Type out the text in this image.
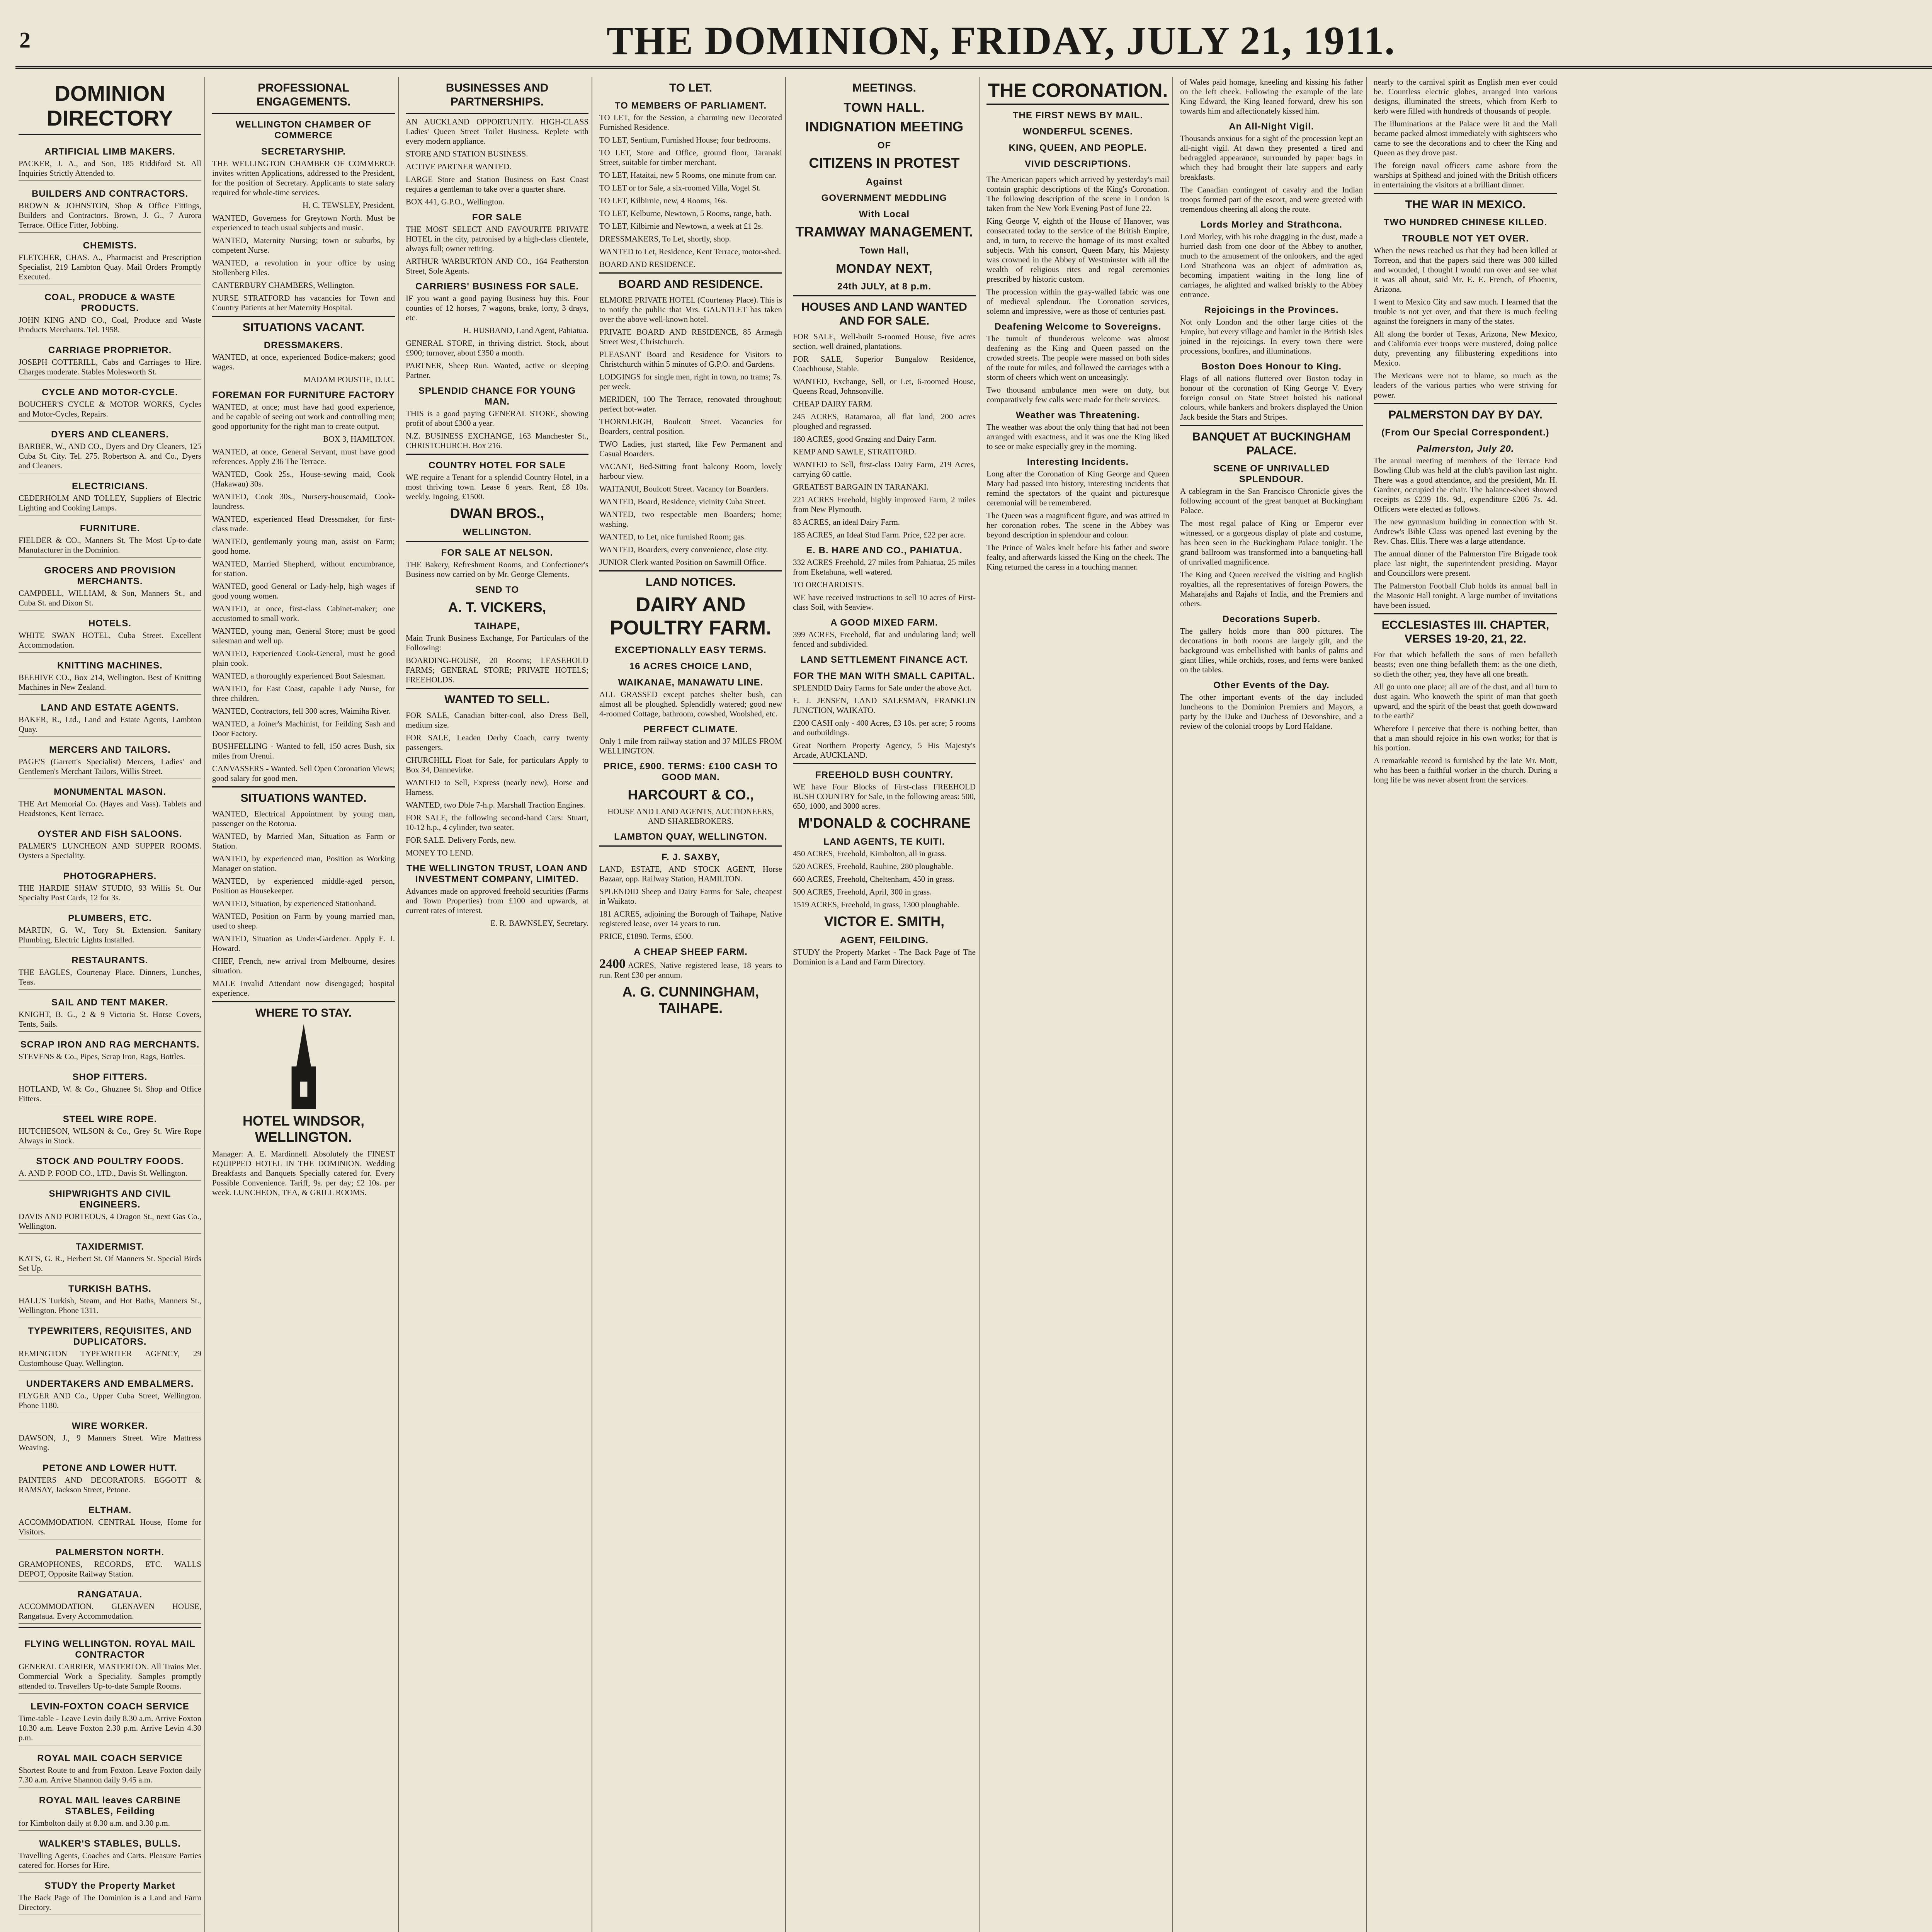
2	THE DOMINION, FRIDAY, JULY 21, 1911.
DOMINION DIRECTORY
ARTIFICIAL LIMB MAKERS.
PACKER, J. A., and Son, 185 Riddiford St. All Inquiries Strictly Attended to.
BUILDERS AND CONTRACTORS.
BROWN & JOHNSTON, Shop & Office Fittings, Builders and Contractors. Brown, J. G., 7 Aurora Terrace. Office Fitter, Jobbing.
CHEMISTS.
FLETCHER, CHAS. A., Pharmacist and Prescription Specialist, 219 Lambton Quay. Mail Orders Promptly Executed.
COAL, PRODUCE & WASTE PRODUCTS.
JOHN KING AND CO., Coal, Produce and Waste Products Merchants. Tel. 1958.
CARRIAGE PROPRIETOR.
JOSEPH COTTERILL, Cabs and Carriages to Hire. Charges moderate. Stables Molesworth St.
CYCLE AND MOTOR-CYCLE.
BOUCHER'S CYCLE & MOTOR WORKS, Cycles and Motor-Cycles, Repairs.
DYERS AND CLEANERS.
BARBER, W., AND CO., Dyers and Dry Cleaners, 125 Cuba St. City. Tel. 275. Robertson A. and Co., Dyers and Cleaners.
ELECTRICIANS.
CEDERHOLM AND TOLLEY, Suppliers of Electric Lighting and Cooking Lamps.
FURNITURE.
FIELDER & CO., Manners St. The Most Up-to-date Manufacturer in the Dominion.
GROCERS AND PROVISION MERCHANTS.
CAMPBELL, WILLIAM, & Son, Manners St., and Cuba St. and Dixon St.
HOTELS.
WHITE SWAN HOTEL, Cuba Street. Excellent Accommodation.
KNITTING MACHINES.
BEEHIVE CO., Box 214, Wellington. Best of Knitting Machines in New Zealand.
LAND AND ESTATE AGENTS.
BAKER, R., Ltd., Land and Estate Agents, Lambton Quay.
MERCERS AND TAILORS.
PAGE'S (Garrett's Specialist) Mercers, Ladies' and Gentlemen's Merchant Tailors, Willis Street.
MONUMENTAL MASON.
THE Art Memorial Co. (Hayes and Vass). Tablets and Headstones, Kent Terrace.
OYSTER AND FISH SALOONS.
PALMER'S LUNCHEON AND SUPPER ROOMS. Oysters a Speciality.
PHOTOGRAPHERS.
THE HARDIE SHAW STUDIO, 93 Willis St. Our Specialty Post Cards, 12 for 3s.
PLUMBERS, ETC.
MARTIN, G. W., Tory St. Extension. Sanitary Plumbing, Electric Lights Installed.
RESTAURANTS.
THE EAGLES, Courtenay Place. Dinners, Lunches, Teas.
SAIL AND TENT MAKER.
KNIGHT, B. G., 2 & 9 Victoria St. Horse Covers, Tents, Sails.
SCRAP IRON AND RAG MERCHANTS.
STEVENS & Co., Pipes, Scrap Iron, Rags, Bottles.
SHOP FITTERS.
HOTLAND, W. & Co., Ghuznee St. Shop and Office Fitters.
STEEL WIRE ROPE.
HUTCHESON, WILSON & Co., Grey St. Wire Rope Always in Stock.
STOCK AND POULTRY FOODS.
A. AND P. FOOD CO., LTD., Davis St. Wellington.
SHIPWRIGHTS AND CIVIL ENGINEERS.
DAVIS AND PORTEOUS, 4 Dragon St., next Gas Co., Wellington.
TAXIDERMIST.
KAT'S, G. R., Herbert St. Of Manners St. Special Birds Set Up.
TURKISH BATHS.
HALL'S Turkish, Steam, and Hot Baths, Manners St., Wellington. Phone 1311.
TYPEWRITERS, REQUISITES, AND DUPLICATORS.
REMINGTON TYPEWRITER AGENCY, 29 Customhouse Quay, Wellington.
UNDERTAKERS AND EMBALMERS.
FLYGER AND Co., Upper Cuba Street, Wellington. Phone 1180.
WIRE WORKER.
DAWSON, J., 9 Manners Street. Wire Mattress Weaving.
PETONE AND LOWER HUTT.
PAINTERS AND DECORATORS. EGGOTT & RAMSAY, Jackson Street, Petone.
ELTHAM.
ACCOMMODATION. CENTRAL House, Home for Visitors.
PALMERSTON NORTH.
GRAMOPHONES, RECORDS, ETC. WALLS DEPOT, Opposite Railway Station.
RANGATAUA.
ACCOMMODATION. GLENAVEN HOUSE, Rangataua. Every Accommodation.
FLYING WELLINGTON. ROYAL MAIL CONTRACTOR
GENERAL CARRIER, MASTERTON. All Trains Met. Commercial Work a Speciality. Samples promptly attended to. Travellers Up-to-date Sample Rooms.
LEVIN-FOXTON COACH SERVICE
Time-table - Leave Levin daily 8.30 a.m. Arrive Foxton 10.30 a.m. Leave Foxton 2.30 p.m. Arrive Levin 4.30 p.m.
ROYAL MAIL COACH SERVICE
Shortest Route to and from Foxton. Leave Foxton daily 7.30 a.m. Arrive Shannon daily 9.45 a.m.
ROYAL MAIL leaves CARBINE STABLES, Feilding
for Kimbolton daily at 8.30 a.m. and 3.30 p.m.
WALKER'S STABLES, BULLS.
Travelling Agents, Coaches and Carts. Pleasure Parties catered for. Horses for Hire.
STUDY the Property Market
The Back Page of The Dominion is a Land and Farm Directory.
PROFESSIONAL ENGAGEMENTS.
WELLINGTON CHAMBER OF COMMERCE
SECRETARYSHIP.

THE WELLINGTON CHAMBER OF COMMERCE invites written Applications, addressed to the President, for the position of Secretary. Applicants to state salary required for whole-time services.

H. C. TEWSLEY, President.

WANTED, Governess for Greytown North. Must be experienced to teach usual subjects and music.

WANTED, Maternity Nursing; town or suburbs, by competent Nurse.

WANTED, a revolution in your office by using Stollenberg Files.

CANTERBURY CHAMBERS, Wellington.

NURSE STRATFORD has vacancies for Town and Country Patients at her Maternity Hospital.

SITUATIONS VACANT.
DRESSMAKERS.

WANTED, at once, experienced Bodice-makers; good wages.

MADAM POUSTIE, D.I.C.

FOREMAN FOR FURNITURE FACTORY

WANTED, at once; must have had good experience, and be capable of seeing out work and controlling men; good opportunity for the right man to create output.

BOX 3, HAMILTON.

WANTED, at once, General Servant, must have good references. Apply 236 The Terrace.

WANTED, Cook 25s., House-sewing maid, Cook (Hakawau) 30s.

WANTED, Cook 30s., Nursery-housemaid, Cook-laundress.

WANTED, experienced Head Dressmaker, for first-class trade.

WANTED, gentlemanly young man, assist on Farm; good home.

WANTED, Married Shepherd, without encumbrance, for station.

WANTED, good General or Lady-help, high wages if good young women.

WANTED, at once, first-class Cabinet-maker; one accustomed to small work.

WANTED, young man, General Store; must be good salesman and well up.

WANTED, Experienced Cook-General, must be good plain cook.

WANTED, a thoroughly experienced Boot Salesman.

WANTED, for East Coast, capable Lady Nurse, for three children.

WANTED, Contractors, fell 300 acres, Waimiha River.

WANTED, a Joiner's Machinist, for Feilding Sash and Door Factory.

BUSHFELLING - Wanted to fell, 150 acres Bush, six miles from Urenui.

CANVASSERS - Wanted. Sell Open Coronation Views; good salary for good men.

SITUATIONS WANTED.

WANTED, Electrical Appointment by young man, passenger on the Rotorua.

WANTED, by Married Man, Situation as Farm or Station.

WANTED, by experienced man, Position as Working Manager on station.

WANTED, by experienced middle-aged person, Position as Housekeeper.

WANTED, Situation, by experienced Stationhand.

WANTED, Position on Farm by young married man, used to sheep.

WANTED, Situation as Under-Gardener. Apply E. J. Howard.

CHEF, French, new arrival from Melbourne, desires situation.

MALE Invalid Attendant now disengaged; hospital experience.

WHERE TO STAY.
HOTEL WINDSOR, WELLINGTON.

Manager: A. E. Mardinnell. Absolutely the FINEST EQUIPPED HOTEL IN THE DOMINION. Wedding Breakfasts and Banquets Specially catered for. Every Possible Convenience. Tariff, 9s. per day; £2 10s. per week. LUNCHEON, TEA, & GRILL ROOMS.

BUSINESSES AND PARTNERSHIPS.

AN AUCKLAND OPPORTUNITY. HIGH-CLASS Ladies' Queen Street Toilet Business. Replete with every modern appliance.

STORE AND STATION BUSINESS.

ACTIVE PARTNER WANTED.

LARGE Store and Station Business on East Coast requires a gentleman to take over a quarter share.

BOX 441, G.P.O., Wellington.

FOR SALE

THE MOST SELECT AND FAVOURITE PRIVATE HOTEL in the city, patronised by a high-class clientele, always full; owner retiring.

ARTHUR WARBURTON AND CO., 164 Featherston Street, Sole Agents.

CARRIERS' BUSINESS FOR SALE.

IF you want a good paying Business buy this. Four counties of 12 horses, 7 wagons, brake, lorry, 3 drays, etc.

H. HUSBAND, Land Agent, Pahiatua.

GENERAL STORE, in thriving district. Stock, about £900; turnover, about £350 a month.

PARTNER, Sheep Run. Wanted, active or sleeping Partner.

SPLENDID CHANCE FOR YOUNG MAN.

THIS is a good paying GENERAL STORE, showing profit of about £300 a year.

N.Z. BUSINESS EXCHANGE, 163 Manchester St., CHRISTCHURCH. Box 216.

COUNTRY HOTEL FOR SALE

WE require a Tenant for a splendid Country Hotel, in a most thriving town. Lease 6 years. Rent, £8 10s. weekly. Ingoing, £1500.

DWAN BROS.,
WELLINGTON.
FOR SALE AT NELSON.

THE Bakery, Refreshment Rooms, and Confectioner's Business now carried on by Mr. George Clements.

SEND TO
A. T. VICKERS,
TAIHAPE,

Main Trunk Business Exchange, For Particulars of the Following:

BOARDING-HOUSE, 20 Rooms; LEASEHOLD FARMS; GENERAL STORE; PRIVATE HOTELS; FREEHOLDS.

WANTED TO SELL.

FOR SALE, Canadian bitter-cool, also Dress Bell, medium size.

FOR SALE, Leaden Derby Coach, carry twenty passengers.

CHURCHILL Float for Sale, for particulars Apply to Box 34, Dannevirke.

WANTED to Sell, Express (nearly new), Horse and Harness.

WANTED, two Dble 7-h.p. Marshall Traction Engines.

FOR SALE, the following second-hand Cars: Stuart, 10-12 h.p., 4 cylinder, two seater.

FOR SALE. Delivery Fords, new.

MONEY TO LEND.

THE WELLINGTON TRUST, LOAN AND INVESTMENT COMPANY, LIMITED.

Advances made on approved freehold securities (Farms and Town Properties) from £100 and upwards, at current rates of interest.

E. R. BAWNSLEY, Secretary.

TO LET.
TO MEMBERS OF PARLIAMENT.

TO LET, for the Session, a charming new Decorated Furnished Residence.

TO LET, Sentium, Furnished House; four bedrooms.

TO LET, Store and Office, ground floor, Taranaki Street, suitable for timber merchant.

TO LET, Hataitai, new 5 Rooms, one minute from car.

TO LET or for Sale, a six-roomed Villa, Vogel St.

TO LET, Kilbirnie, new, 4 Rooms, 16s.

TO LET, Kelburne, Newtown, 5 Rooms, range, bath.

TO LET, Kilbirnie and Newtown, a week at £1 2s.

DRESSMAKERS, To Let, shortly, shop.

WANTED to Let, Residence, Kent Terrace, motor-shed.

BOARD AND RESIDENCE.

BOARD AND RESIDENCE.

ELMORE PRIVATE HOTEL (Courtenay Place). This is to notify the public that Mrs. GAUNTLET has taken over the above well-known hotel.

PRIVATE BOARD AND RESIDENCE, 85 Armagh Street West, Christchurch.

PLEASANT Board and Residence for Visitors to Christchurch within 5 minutes of G.P.O. and Gardens.

LODGINGS for single men, right in town, no trams; 7s. per week.

MERIDEN, 100 The Terrace, renovated throughout; perfect hot-water.

THORNLEIGH, Boulcott Street. Vacancies for Boarders, central position.

TWO Ladies, just started, like Few Permanent and Casual Boarders.

VACANT, Bed-Sitting front balcony Room, lovely harbour view.

WAITANUI, Boulcott Street. Vacancy for Boarders.

WANTED, Board, Residence, vicinity Cuba Street.

WANTED, two respectable men Boarders; home; washing.

WANTED, to Let, nice furnished Room; gas.

WANTED, Boarders, every convenience, close city.

JUNIOR Clerk wanted Position on Sawmill Office.

LAND NOTICES.
DAIRY AND POULTRY FARM.
EXCEPTIONALLY EASY TERMS.
16 ACRES CHOICE LAND,
WAIKANAE, MANAWATU LINE.

ALL GRASSED except patches shelter bush, can almost all be ploughed. Splendidly watered; good new 4-roomed Cottage, bathroom, cowshed, Woolshed, etc.

PERFECT CLIMATE.

Only 1 mile from railway station and 37 MILES FROM WELLINGTON.

PRICE, £900. TERMS: £100 CASH TO GOOD MAN.
HARCOURT & CO.,

HOUSE AND LAND AGENTS, AUCTIONEERS, AND SHAREBROKERS.

LAMBTON QUAY, WELLINGTON.
F. J. SAXBY,

LAND, ESTATE, AND STOCK AGENT, Horse Bazaar, opp. Railway Station, HAMILTON.

SPLENDID Sheep and Dairy Farms for Sale, cheapest in Waikato.

181 ACRES, adjoining the Borough of Taihape, Native registered lease, over 14 years to run.

PRICE, £1890. Terms, £500.

A CHEAP SHEEP FARM.

2400 ACRES, Native registered lease, 18 years to run. Rent £30 per annum.

A. G. CUNNINGHAM, TAIHAPE.
MEETINGS.
TOWN HALL.
INDIGNATION MEETING
OF
CITIZENS IN PROTEST
Against
GOVERNMENT MEDDLING
With Local
TRAMWAY MANAGEMENT.
Town Hall,
MONDAY NEXT,
24th JULY, at 8 p.m.
HOUSES AND LAND WANTED AND FOR SALE.

FOR SALE, Well-built 5-roomed House, five acres section, well drained, plantations.

FOR SALE, Superior Bungalow Residence, Coachhouse, Stable.

WANTED, Exchange, Sell, or Let, 6-roomed House, Queens Road, Johnsonville.

CHEAP DAIRY FARM.

245 ACRES, Ratamaroa, all flat land, 200 acres ploughed and regrassed.

180 ACRES, good Grazing and Dairy Farm.

KEMP AND SAWLE, STRATFORD.

WANTED to Sell, first-class Dairy Farm, 219 Acres, carrying 60 cattle.

GREATEST BARGAIN IN TARANAKI.

221 ACRES Freehold, highly improved Farm, 2 miles from New Plymouth.

83 ACRES, an ideal Dairy Farm.

185 ACRES, an Ideal Stud Farm. Price, £22 per acre.

E. B. HARE AND CO., PAHIATUA.

332 ACRES Freehold, 27 miles from Pahiatua, 25 miles from Eketahuna, well watered.

TO ORCHARDISTS.

WE have received instructions to sell 10 acres of First-class Soil, with Seaview.

A GOOD MIXED FARM.

399 ACRES, Freehold, flat and undulating land; well fenced and subdivided.

LAND SETTLEMENT FINANCE ACT.
FOR THE MAN WITH SMALL CAPITAL.

SPLENDID Dairy Farms for Sale under the above Act.

E. J. JENSEN, LAND SALESMAN, FRANKLIN JUNCTION, WAIKATO.

£200 CASH only - 400 Acres, £3 10s. per acre; 5 rooms and outbuildings.

Great Northern Property Agency, 5 His Majesty's Arcade, AUCKLAND.

FREEHOLD BUSH COUNTRY.

WE have Four Blocks of First-class FREEHOLD BUSH COUNTRY for Sale, in the following areas: 500, 650, 1000, and 3000 acres.

M'DONALD & COCHRANE
LAND AGENTS, TE KUITI.

450 ACRES, Freehold, Kimbolton, all in grass.

520 ACRES, Freehold, Rauhine, 280 ploughable.

660 ACRES, Freehold, Cheltenham, 450 in grass.

500 ACRES, Freehold, April, 300 in grass.

1519 ACRES, Freehold, in grass, 1300 ploughable.

VICTOR E. SMITH,
AGENT, FEILDING.

STUDY the Property Market - The Back Page of The Dominion is a Land and Farm Directory.

THE CORONATION.
THE FIRST NEWS BY MAIL.
WONDERFUL SCENES.
KING, QUEEN, AND PEOPLE.
VIVID DESCRIPTIONS.

The American papers which arrived by yesterday's mail contain graphic descriptions of the King's Coronation. The following description of the scene in London is taken from the New York Evening Post of June 22.

King George V, eighth of the House of Hanover, was consecrated today to the service of the British Empire, and, in turn, to receive the homage of its most exalted subjects. With his consort, Queen Mary, his Majesty was crowned in the Abbey of Westminster with all the wealth of religious rites and regal ceremonies prescribed by historic custom.

The procession within the gray-walled fabric was one of medieval splendour. The Coronation services, solemn and impressive, were as those of centuries past.

Deafening Welcome to Sovereigns.

The tumult of thunderous welcome was almost deafening as the King and Queen passed on the crowded streets. The people were massed on both sides of the route for miles, and followed the carriages with a storm of cheers which went on unceasingly.

Two thousand ambulance men were on duty, but comparatively few calls were made for their services.

Weather was Threatening.

The weather was about the only thing that had not been arranged with exactness, and it was one the King liked to see or make especially grey in the morning.

Interesting Incidents.

Long after the Coronation of King George and Queen Mary had passed into history, interesting incidents that remind the spectators of the quaint and picturesque ceremonial will be remembered.

The Queen was a magnificent figure, and was attired in her coronation robes. The scene in the Abbey was beyond description in splendour and colour.

The Prince of Wales knelt before his father and swore fealty, and afterwards kissed the King on the cheek. The King returned the caress in a touching manner.

of Wales paid homage, kneeling and kissing his father on the left cheek. Following the example of the late King Edward, the King leaned forward, drew his son towards him and affectionately kissed him.

An All-Night Vigil.

Thousands anxious for a sight of the procession kept an all-night vigil. At dawn they presented a tired and bedraggled appearance, surrounded by paper bags in which they had brought their late suppers and early breakfasts.

The Canadian contingent of cavalry and the Indian troops formed part of the escort, and were greeted with tremendous cheering all along the route.

Lords Morley and Strathcona.

Lord Morley, with his robe dragging in the dust, made a hurried dash from one door of the Abbey to another, much to the amusement of the onlookers, and the aged Lord Strathcona was an object of admiration as, becoming impatient waiting in the long line of carriages, he alighted and walked briskly to the Abbey entrance.

Rejoicings in the Provinces.

Not only London and the other large cities of the Empire, but every village and hamlet in the British Isles joined in the rejoicings. In every town there were processions, bonfires, and illuminations.

Boston Does Honour to King.

Flags of all nations fluttered over Boston today in honour of the coronation of King George V. Every foreign consul on State Street hoisted his national colours, while bankers and brokers displayed the Union Jack beside the Stars and Stripes.

BANQUET AT BUCKINGHAM PALACE.
SCENE OF UNRIVALLED SPLENDOUR.

A cablegram in the San Francisco Chronicle gives the following account of the great banquet at Buckingham Palace.

The most regal palace of King or Emperor ever witnessed, or a gorgeous display of plate and costume, has been seen in the Buckingham Palace tonight. The grand ballroom was transformed into a banqueting-hall of unrivalled magnificence.

The King and Queen received the visiting and English royalties, all the representatives of foreign Powers, the Maharajahs and Rajahs of India, and the Premiers and others.

Decorations Superb.

The gallery holds more than 800 pictures. The decorations in both rooms are largely gilt, and the background was embellished with banks of palms and giant lilies, while orchids, roses, and ferns were banked on the tables.

Other Events of the Day.

The other important events of the day included luncheons to the Dominion Premiers and Mayors, a party by the Duke and Duchess of Devonshire, and a review of the colonial troops by Lord Haldane.

nearly to the carnival spirit as English men ever could be. Countless electric globes, arranged into various designs, illuminated the streets, which from Kerb to kerb were filled with hundreds of thousands of people.

The illuminations at the Palace were lit and the Mall became packed almost immediately with sightseers who came to see the decorations and to cheer the King and Queen as they drove past.

The foreign naval officers came ashore from the warships at Spithead and joined with the British officers in entertaining the visitors at a brilliant dinner.

THE WAR IN MEXICO.
TWO HUNDRED CHINESE KILLED.
TROUBLE NOT YET OVER.

When the news reached us that they had been killed at Torreon, and that the papers said there was 300 killed and wounded, I thought I would run over and see what it was all about, said Mr. E. E. French, of Phoenix, Arizona.

I went to Mexico City and saw much. I learned that the trouble is not yet over, and that there is much feeling against the foreigners in many of the states.

All along the border of Texas, Arizona, New Mexico, and California ever troops were mustered, doing police duty, preventing any filibustering expeditions into Mexico.

The Mexicans were not to blame, so much as the leaders of the various parties who were striving for power.

PALMERSTON DAY BY DAY.
(From Our Special Correspondent.)
Palmerston, July 20.

The annual meeting of members of the Terrace End Bowling Club was held at the club's pavilion last night. There was a good attendance, and the president, Mr. H. Gardner, occupied the chair. The balance-sheet showed receipts as £239 18s. 9d., expenditure £206 7s. 4d. Officers were elected as follows.

The new gymnasium building in connection with St. Andrew's Bible Class was opened last evening by the Rev. Chas. Ellis. There was a large attendance.

The annual dinner of the Palmerston Fire Brigade took place last night, the superintendent presiding. Mayor and Councillors were present.

The Palmerston Football Club holds its annual ball in the Masonic Hall tonight. A large number of invitations have been issued.

ECCLESIASTES III. CHAPTER, VERSES 19-20, 21, 22.

For that which befalleth the sons of men befalleth beasts; even one thing befalleth them: as the one dieth, so dieth the other; yea, they have all one breath.

All go unto one place; all are of the dust, and all turn to dust again. Who knoweth the spirit of man that goeth upward, and the spirit of the beast that goeth downward to the earth?

Wherefore I perceive that there is nothing better, than that a man should rejoice in his own works; for that is his portion.

A remarkable record is furnished by the late Mr. Mott, who has been a faithful worker in the church. During a long life he was never absent from the services.
